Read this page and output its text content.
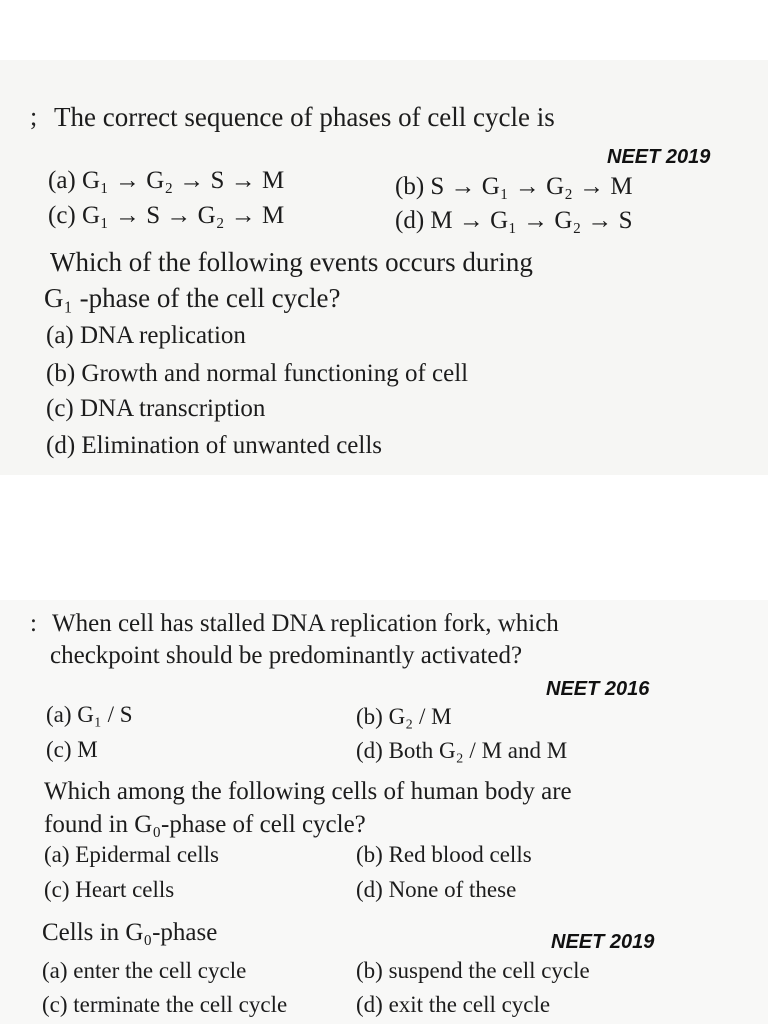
; The correct sequence of phases of cell cycle is
NEET 2019
(a) G₁ → G₂ → S → M	(b) S → G₁ → G₂ → M
(c) G₁ → S → G₂ → M	(d) M → G₁ → G₂ → S
Which of the following events occurs during
G₁ -phase of the cell cycle?
(a) DNA replication
(b) Growth and normal functioning of cell
(c) DNA transcription
(d) Elimination of unwanted cells
: When cell has stalled DNA replication fork, which
checkpoint should be predominantly activated?
NEET 2016
(a) G₁ / S	(b) G₂ / M
(c) M	(d) Both G₂ / M and M
Which among the following cells of human body are
found in G₀-phase of cell cycle?
(a) Epidermal cells	(b) Red blood cells
(c) Heart cells	(d) None of these
Cells in G₀-phase	NEET 2019
(a) enter the cell cycle	(b) suspend the cell cycle
(c) terminate the cell cycle	(d) exit the cell cycle
